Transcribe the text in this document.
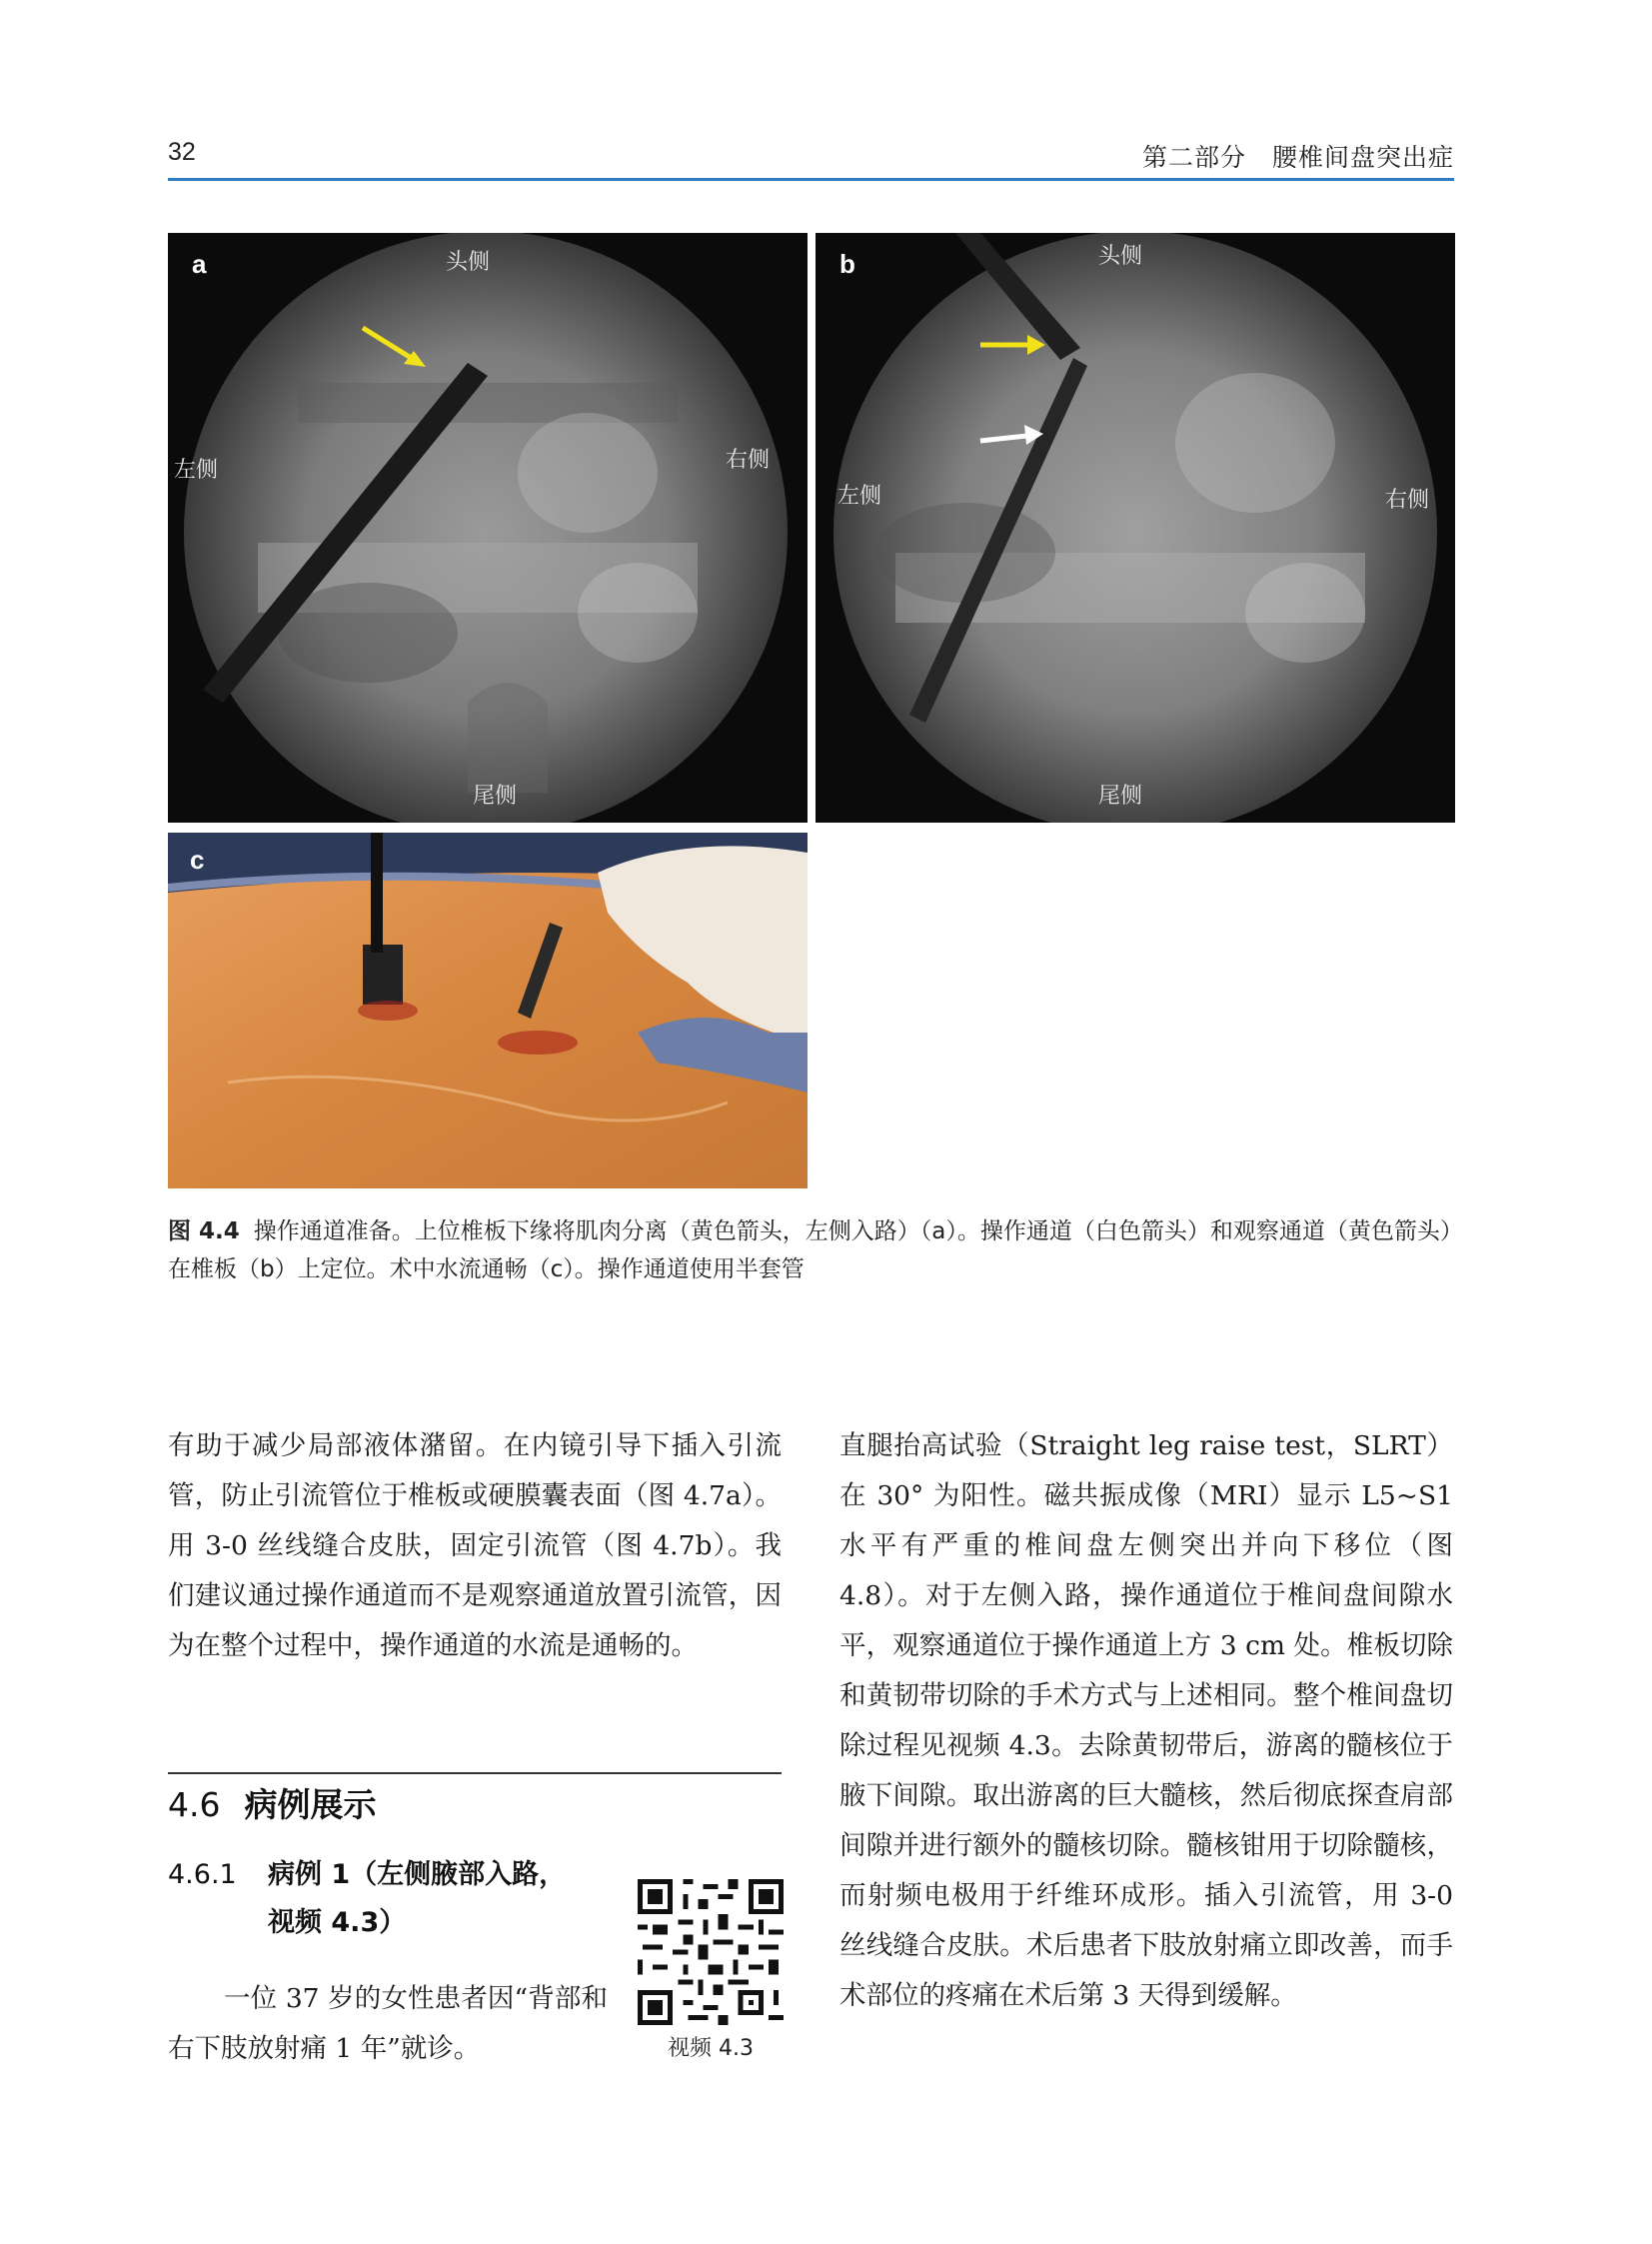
32	第二部分　腰椎间盘突出症
a	头侧
尾侧
左侧	右侧
b	头侧
尾侧
左侧	右侧
c
图 4.4 操作通道准备。上位椎板下缘将肌肉分离（黄色箭头，左侧入路）（a）。操作通道（白色箭头）和观察通道（黄色箭头）在椎板（b）上定位。术中水流通畅（c）。操作通道使用半套管

有助于减少局部液体潴留。在内镜引导下插入引流管，防止引流管位于椎板或硬膜囊表面（图 4.7a）。用 3-0 丝线缝合皮肤，固定引流管（图 4.7b）。我们建议通过操作通道而不是观察通道放置引流管，因为在整个过程中，操作通道的水流是通畅的。

4.6 病例展示
4.6.1 病例 1（左侧腋部入路，
视频 4.3）
视频 4.3
一位 37 岁的女性患者因“背部和右下肢放射痛 1 年”就诊。

直腿抬高试验（Straight leg raise test，SLRT）在 30° 为阳性。磁共振成像（MRI）显示 L5~S1 水平有严重的椎间盘左侧突出并向下移位（图 4.8）。对于左侧入路，操作通道位于椎间盘间隙水平，观察通道位于操作通道上方 3 cm 处。椎板切除和黄韧带切除的手术方式与上述相同。整个椎间盘切除过程见视频 4.3。去除黄韧带后，游离的髓核位于腋下间隙。取出游离的巨大髓核，然后彻底探查肩部间隙并进行额外的髓核切除。髓核钳用于切除髓核，而射频电极用于纤维环成形。插入引流管，用 3-0 丝线缝合皮肤。术后患者下肢放射痛立即改善，而手术部位的疼痛在术后第 3 天得到缓解。
